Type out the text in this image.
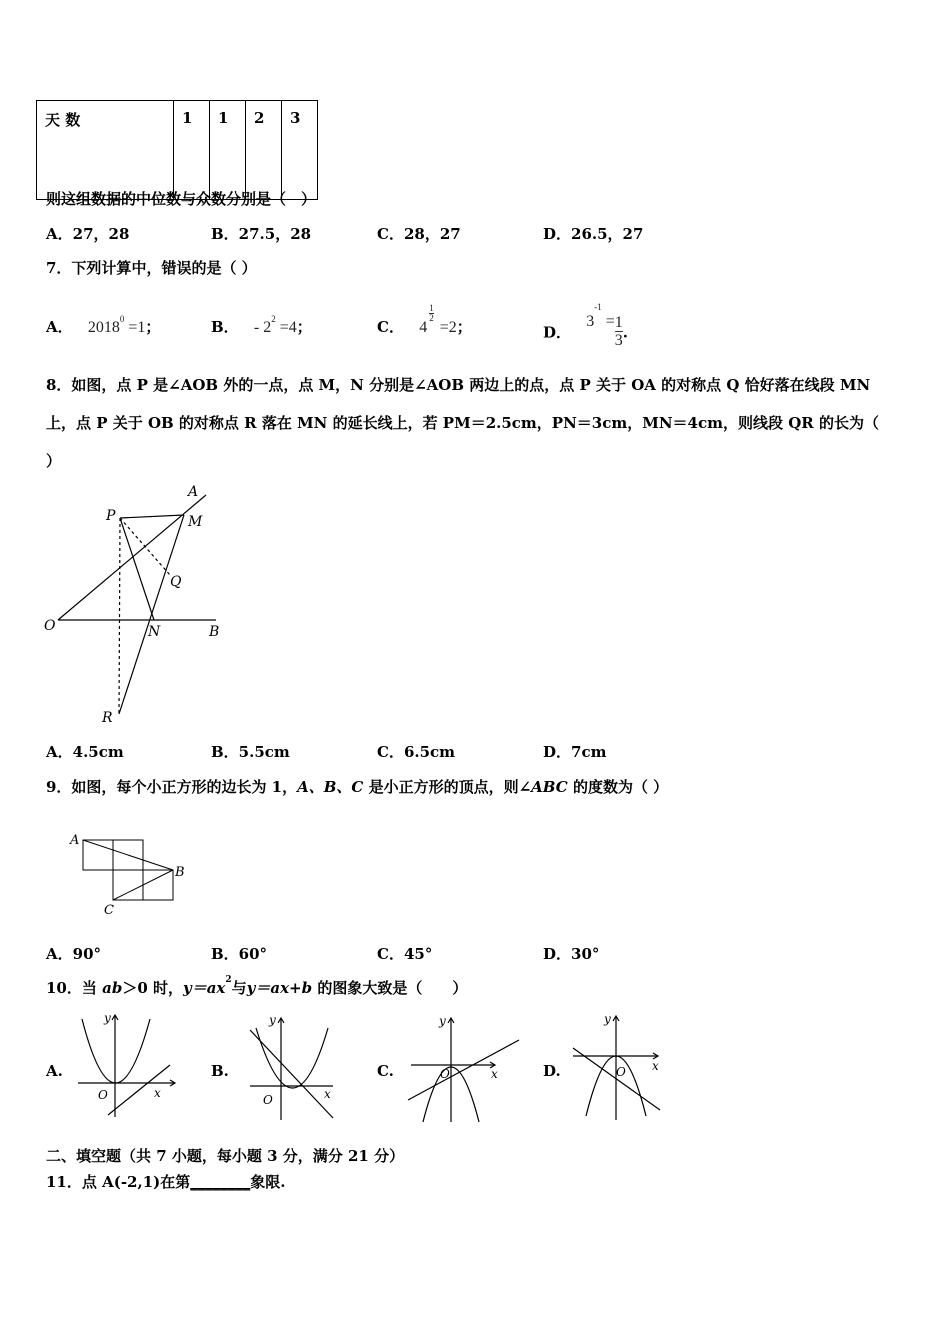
天 数	1	1	2	3
则这组数据的中位数与众数分别是（　）
A．27，28	B．27.5，28	C．28，27	D．26.5，27
7．下列计算中，错误的是（ ）
A． $2018^0 =1$；	B． - $2^2 =4$；	C． $4\frac{1}{2}$
=2；	D． $3^{-1} =\frac{1}{3}$ .
8．如图，点 P 是∠AOB 外的一点，点 M，N 分别是∠AOB 两边上的点，点 P 关于 OA 的对称点 Q 恰好落在线段 MN
上，点 P 关于 OB 的对称点 R 落在 MN 的延长线上，若 PM＝2.5cm，PN＝3cm，MN＝4cm，则线段 QR 的长为（
）
A
P	M
Q
O	N	B
R
A．4.5cm	B．5.5cm	C．6.5cm	D．7cm
9．如图，每个小正方形的边长为 1，A、B、C 是小正方形的顶点，则∠ABC 的度数为（ ）
A
B
C
A．90°	B．60°	C．45°	D．30°
10．当 ab＞0 时，$y=ax^2$与y＝ax+b 的图象大致是（　　）
A.	B.	C.	D.
y
x
O
y
x
O
y
x
O
y
x
O
二、填空题（共 7 小题，每小题 3 分，满分 21 分）
11．点 A(-2,1)在第________象限.
